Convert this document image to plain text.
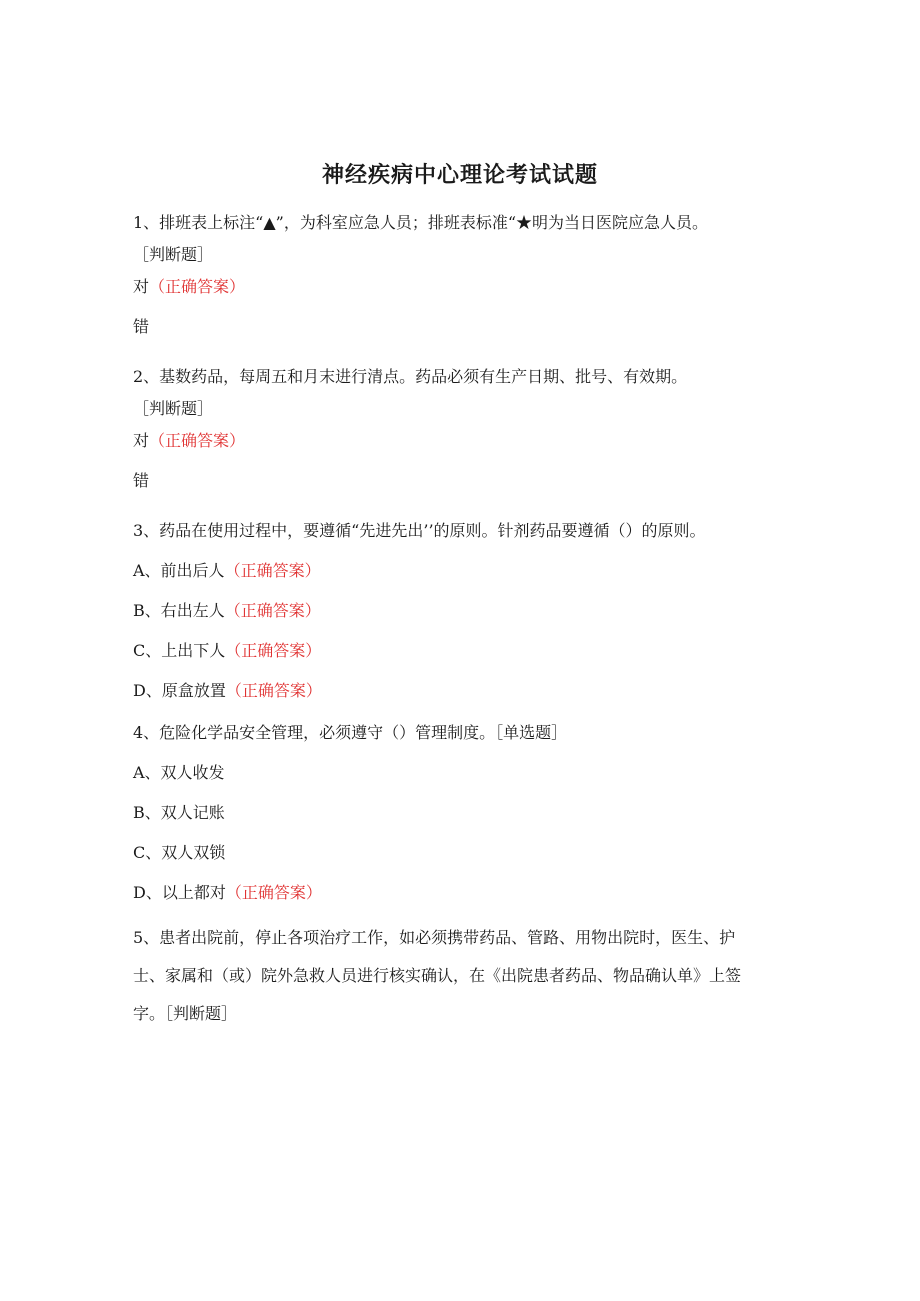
神经疾病中心理论考试试题

1、排班表上标注“▲”，为科室应急人员；排班表标准“★明为当日医院应急人员。

［判断题］

对（正确答案）

错

2、基数药品，每周五和月末进行清点。药品必须有生产日期、批号、有效期。

［判断题］

对（正确答案）

错

3、药品在使用过程中，要遵循“先进先出’’的原则。针剂药品要遵循（）的原则。

A、前出后人（正确答案）

B、右出左人（正确答案）

C、上出下人（正确答案）

D、原盒放置（正确答案）

4、危险化学品安全管理，必须遵守（）管理制度。［单选题］

A、双人收发

B、双人记账

C、双人双锁

D、以上都对（正确答案）

5、患者出院前，停止各项治疗工作，如必须携带药品、管路、用物出院时，医生、护

士、家属和（或）院外急救人员进行核实确认，在《出院患者药品、物品确认单》上签

字。［判断题］
